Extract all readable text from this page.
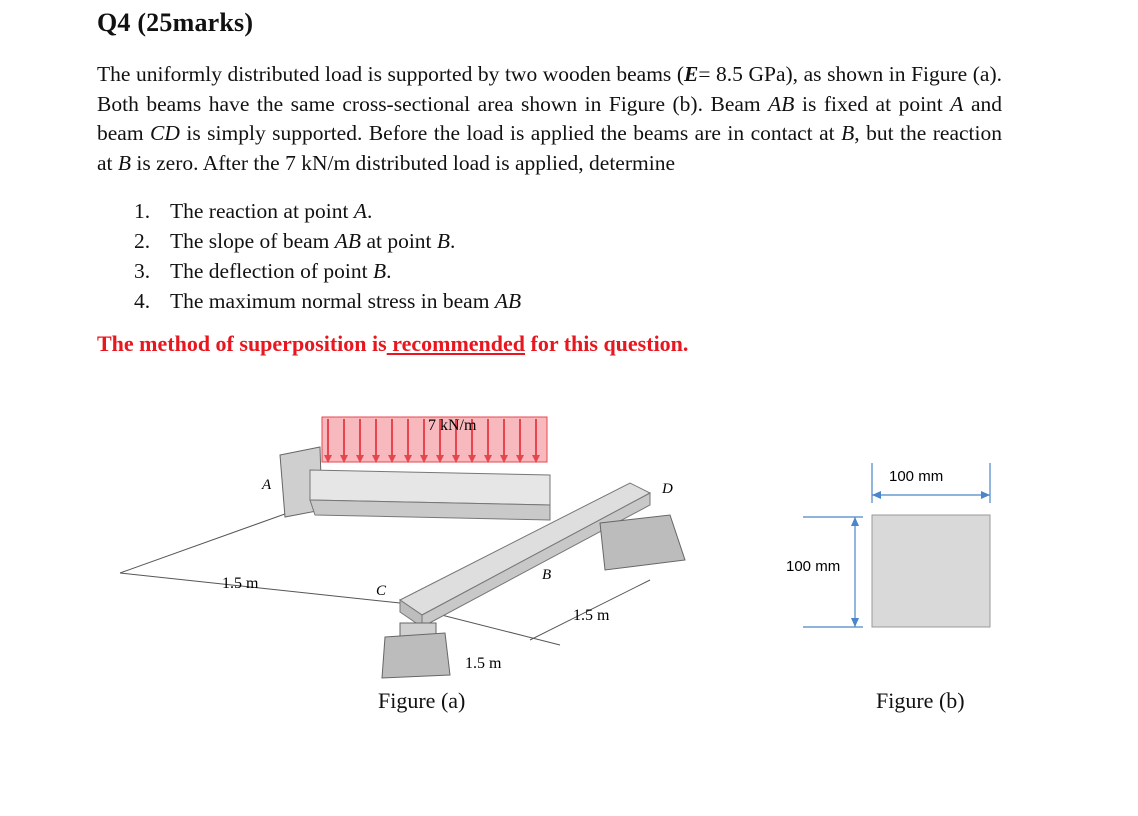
Q4 (25marks)

The uniformly distributed load is supported by two wooden beams (E= 8.5 GPa), as shown in Figure (a). Both beams have the same cross-sectional area shown in Figure (b). Beam AB is fixed at point A and beam CD is simply supported. Before the load is applied the beams are in contact at B, but the reaction at B is zero. After the 7 kN/m distributed load is applied, determine

1. The reaction at point A.
2. The slope of beam AB at point B.
3. The deflection of point B.
4. The maximum normal stress in beam AB
The method of superposition is recommended for this question.
7 kN/m
A
B
C
D
1.5 m
1.5 m
1.5 m
Figure (a)
100 mm
100 mm
Figure (b)
